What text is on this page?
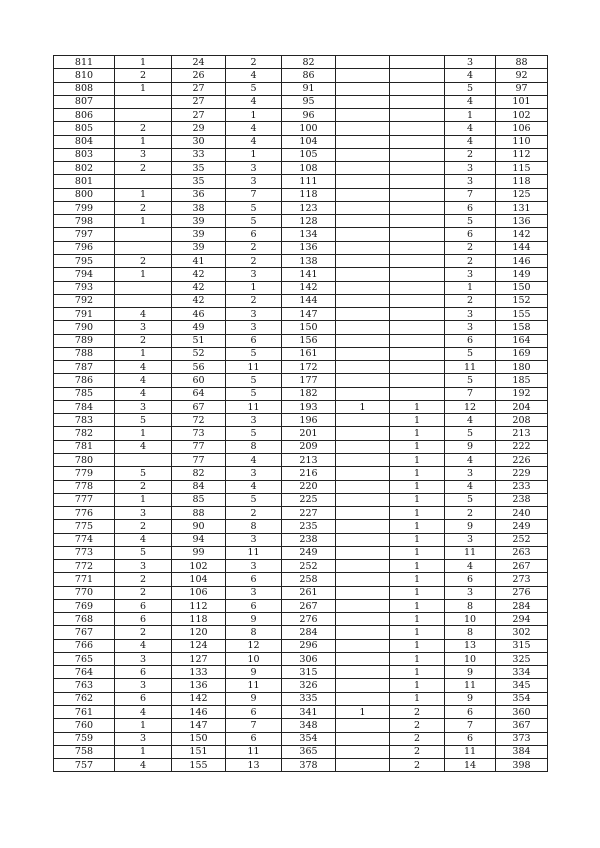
811	1	24	2	82			3	88
810	2	26	4	86			4	92
808	1	27	5	91			5	97
807		27	4	95			4	101
806		27	1	96			1	102
805	2	29	4	100			4	106
804	1	30	4	104			4	110
803	3	33	1	105			2	112
802	2	35	3	108			3	115
801		35	3	111			3	118
800	1	36	7	118			7	125
799	2	38	5	123			6	131
798	1	39	5	128			5	136
797		39	6	134			6	142
796		39	2	136			2	144
795	2	41	2	138			2	146
794	1	42	3	141			3	149
793		42	1	142			1	150
792		42	2	144			2	152
791	4	46	3	147			3	155
790	3	49	3	150			3	158
789	2	51	6	156			6	164
788	1	52	5	161			5	169
787	4	56	11	172			11	180
786	4	60	5	177			5	185
785	4	64	5	182			7	192
784	3	67	11	193	1	1	12	204
783	5	72	3	196		1	4	208
782	1	73	5	201		1	5	213
781	4	77	8	209		1	9	222
780		77	4	213		1	4	226
779	5	82	3	216		1	3	229
778	2	84	4	220		1	4	233
777	1	85	5	225		1	5	238
776	3	88	2	227		1	2	240
775	2	90	8	235		1	9	249
774	4	94	3	238		1	3	252
773	5	99	11	249		1	11	263
772	3	102	3	252		1	4	267
771	2	104	6	258		1	6	273
770	2	106	3	261		1	3	276
769	6	112	6	267		1	8	284
768	6	118	9	276		1	10	294
767	2	120	8	284		1	8	302
766	4	124	12	296		1	13	315
765	3	127	10	306		1	10	325
764	6	133	9	315		1	9	334
763	3	136	11	326		1	11	345
762	6	142	9	335		1	9	354
761	4	146	6	341	1	2	6	360
760	1	147	7	348		2	7	367
759	3	150	6	354		2	6	373
758	1	151	11	365		2	11	384
757	4	155	13	378		2	14	398
